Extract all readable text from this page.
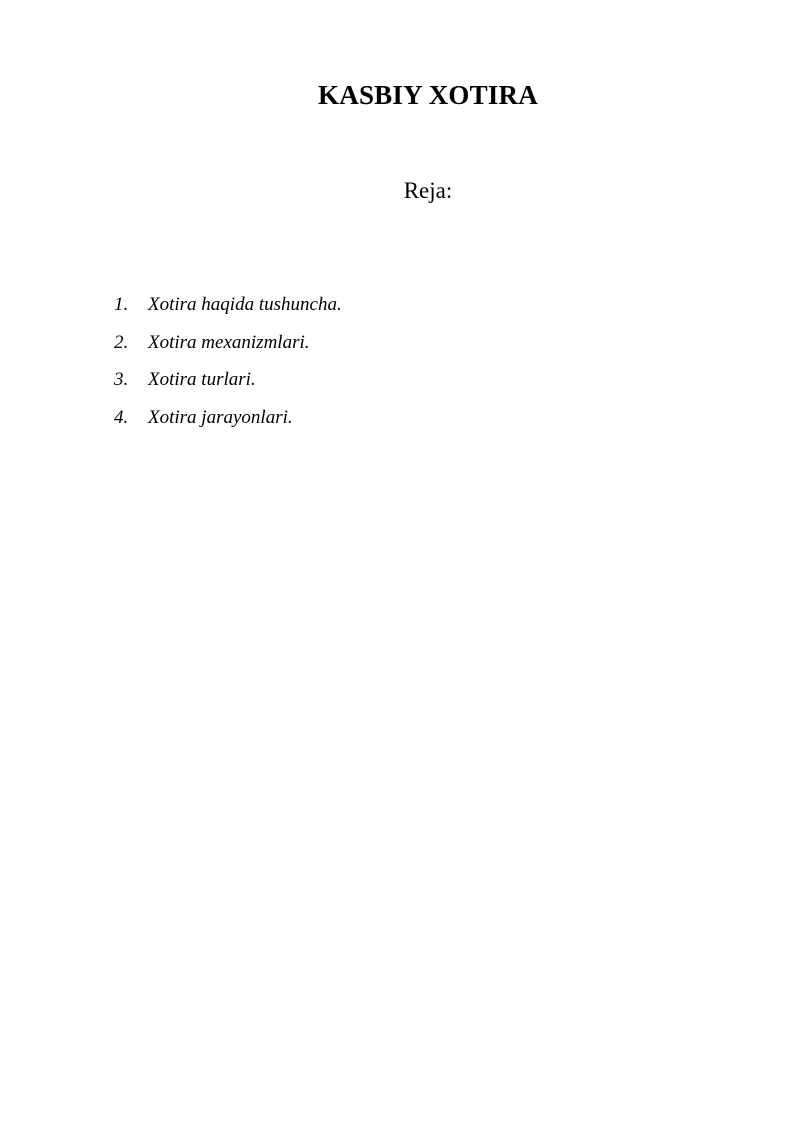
KASBIY XOTIRA

Reja:

1. Xotira haqida tushuncha.
2. Xotira mexanizmlari.
3. Xotira turlari.
4. Xotira jarayonlari.
